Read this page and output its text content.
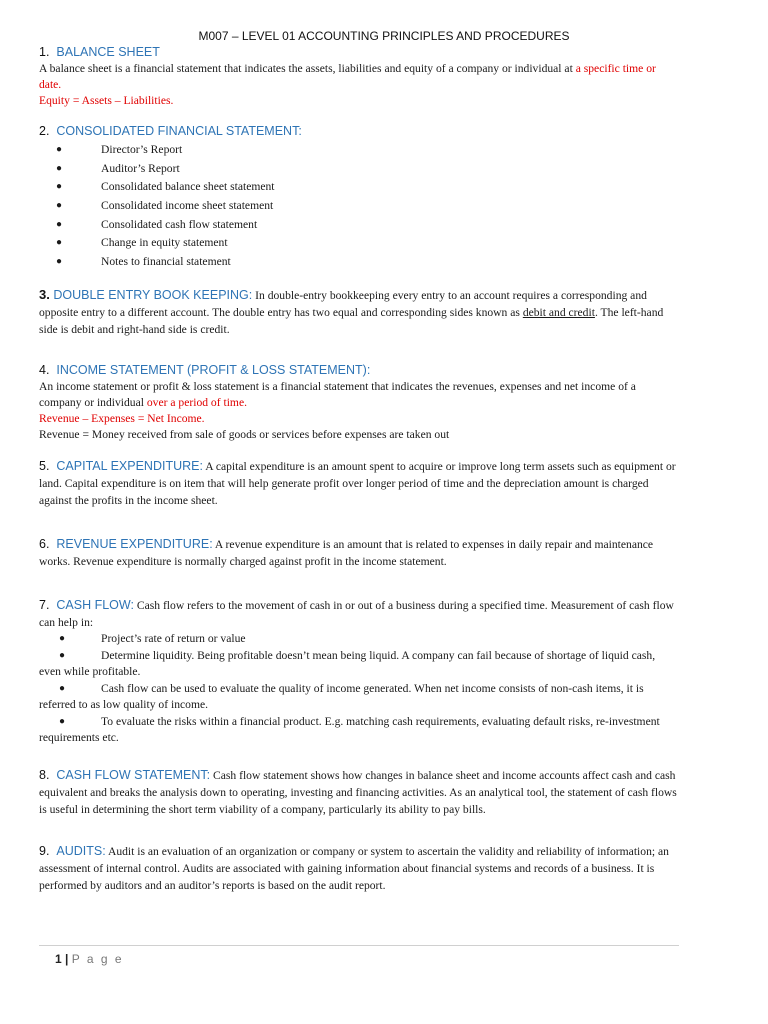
M007 – LEVEL 01 ACCOUNTING PRINCIPLES AND PROCEDURES
1. BALANCE SHEET

A balance sheet is a financial statement that indicates the assets, liabilities and equity of a company or individual at a specific time or date.

Equity = Assets – Liabilities.

2. CONSOLIDATED FINANCIAL STATEMENT:
●	Director’s Report
●	Auditor’s Report
●	Consolidated balance sheet statement
●	Consolidated income sheet statement
●	Consolidated cash flow statement
●	Change in equity statement
●	Notes to financial statement

3. DOUBLE ENTRY BOOK KEEPING: In double-entry bookkeeping every entry to an account requires a corresponding and opposite entry to a different account. The double entry has two equal and corresponding sides known as debit and credit. The left-hand side is debit and right-hand side is credit.

4. INCOME STATEMENT (PROFIT & LOSS STATEMENT):

An income statement or profit & loss statement is a financial statement that indicates the revenues, expenses and net income of a company or individual over a period of time.

Revenue – Expenses = Net Income.

Revenue = Money received from sale of goods or services before expenses are taken out

5. CAPITAL EXPENDITURE: A capital expenditure is an amount spent to acquire or improve long term assets such as equipment or land. Capital expenditure is on item that will help generate profit over longer period of time and the depreciation amount is charged against the profits in the income sheet.

6. REVENUE EXPENDITURE: A revenue expenditure is an amount that is related to expenses in daily repair and maintenance works. Revenue expenditure is normally charged against profit in the income statement.

7. CASH FLOW: Cash flow refers to the movement of cash in or out of a business during a specified time. Measurement of cash flow can help in:

●	Project’s rate of return or value
●	Determine liquidity. Being profitable doesn’t mean being liquid. A company can fail because of shortage of liquid cash, even while profitable.
●	Cash flow can be used to evaluate the quality of income generated. When net income consists of non-cash items, it is referred to as low quality of income.
●	To evaluate the risks within a financial product. E.g. matching cash requirements, evaluating default risks, re-investment requirements etc.

8. CASH FLOW STATEMENT: Cash flow statement shows how changes in balance sheet and income accounts affect cash and cash equivalent and breaks the analysis down to operating, investing and financing activities. As an analytical tool, the statement of cash flows is useful in determining the short term viability of a company, particularly its ability to pay bills.

9. AUDITS: Audit is an evaluation of an organization or company or system to ascertain the validity and reliability of information; an assessment of internal control. Audits are associated with gaining information about financial systems and records of a business. It is performed by auditors and an auditor’s reports is based on the audit report.

1 | P a g e
